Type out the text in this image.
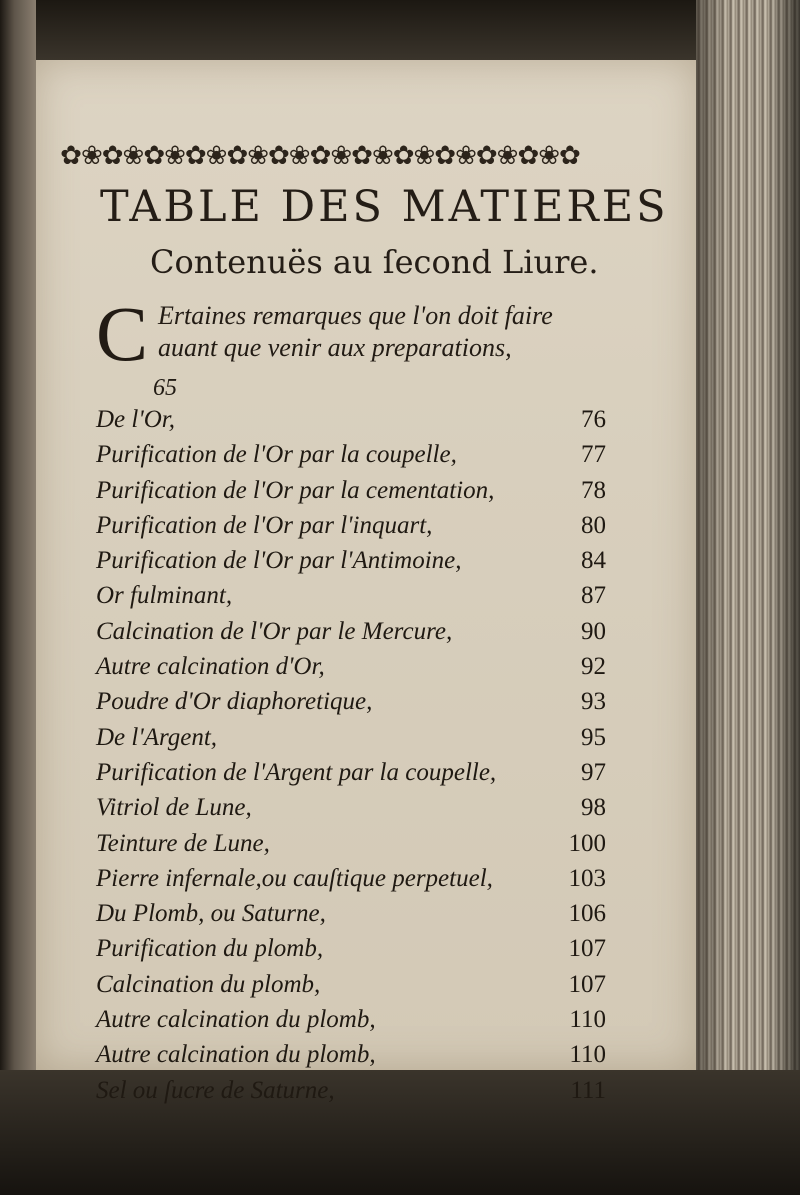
✿❀✿❀✿❀✿❀✿❀✿❀✿❀✿❀✿❀✿❀✿❀✿❀✿
TABLE DES MATIERES
Contenuës au ſecond Liure.
C Ertaines remarques que l'on doit faire
auant que venir aux preparations,
65
De l'Or,	76
Purification de l'Or par la coupelle,	77
Purification de l'Or par la cementation,	78
Purification de l'Or par l'inquart,	80
Purification de l'Or par l'Antimoine,	84
Or fulminant,	87
Calcination de l'Or par le Mercure,	90
Autre calcination d'Or,	92
Poudre d'Or diaphoretique,	93
De l'Argent,	95
Purification de l'Argent par la coupelle,	97
Vitriol de Lune,	98
Teinture de Lune,	100
Pierre infernale,ou cauſtique perpetuel,	103
Du Plomb, ou Saturne,	106
Purification du plomb,	107
Calcination du plomb,	107
Autre calcination du plomb,	110
Autre calcination du plomb,	110
Sel ou ſucre de Saturne,	111
